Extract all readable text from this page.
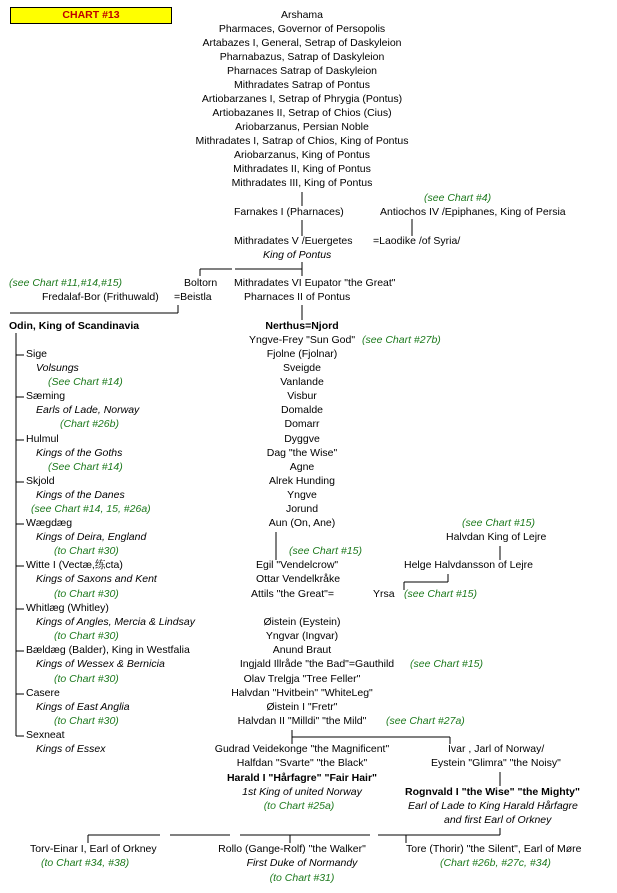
CHART #13	Arshama
Pharmaces, Governor of Persopolis
Artabazes I, General, Setrap of Daskyleion
Pharnabazus, Satrap of Daskyleion
Pharnaces Satrap of Daskyleion
Mithradates Satrap of Pontus
Artiobarzanes I, Setrap of Phrygia (Pontus)
Artiobazanes II, Setrap of Chios (Cius)
Ariobarzanus, Persian Noble
Mithradates I, Satrap of Chios, King of Pontus
Ariobarzanus, King of Pontus
Mithradates II, King of Pontus
Mithradates III, King of Pontus
(see Chart #4)
Farnakes I (Pharnaces)	Antiochos IV /Epiphanes, King of Persia
Mithradates V /Euergetes =Laodike /of Syria/
King of Pontus
(see Chart #11,#14,#15)	Boltorn Mithradates VI Eupator "the Great"
Fredalaf-Bor (Frithuwald) =Beistla	Pharnaces II of Pontus
Odin, King of Scandinavia	Nerthus=Njord
Yngve-Frey "Sun God" (see Chart #27b)
Sige
Volsungs
(See Chart #14)
Sæming
Earls of Lade, Norway
(Chart #26b)
Hulmul
Kings of the Goths
(See Chart #14)
Skjold
Kings of the Danes
(see Chart #14, 15, #26a)
Wægdæg
Kings of Deira, England
(to Chart #30)
Witte I (Vectæ,练cta)
Kings of Saxons and Kent
(to Chart #30)
Whitlæg (Whitley)
Kings of Angles, Mercia & Lindsay
(to Chart #30)
Bældæg (Balder), King in Westfalia
Kings of Wessex & Bernicia
(to Chart #30)
Casere
Kings of East Anglia
(to Chart #30)
Sexneat
Kings of Essex
Fjolne (Fjolnar)
Sveigde
Vanlande
Visbur
Domalde
Domarr
Dyggve
Dag "the Wise"
Agne
Alrek Hunding
Yngve
Jorund
Aun (On, Ane)	(see Chart #15)
Halvdan King of Lejre
(see Chart #15)
Egil "Vendelcrow"	Helge Halvdansson of Lejre
Ottar Vendelkråke
Attils "the Great"=	Yrsa (see Chart #15)
Øistein (Eystein)
Yngvar (Ingvar)
Anund Braut
Ingjald Illråde "the Bad"=Gauthild (see Chart #15)
Olav Trelgja "Tree Feller"
Halvdan "Hvitbein" "WhiteLeg"
Øistein I "Fretr"
Halvdan II "Milldi" "the Mild" (see Chart #27a)
Gudrad Veidekonge "the Magnificent"	Ivar , Jarl of Norway/
Halfdan "Svarte" "the Black"	Eystein "Glimra" "the Noisy"
Harald I "Hårfagre" "Fair Hair"
Rognvald I "the Wise" "the Mighty"
1st King of united Norway
Earl of Lade to King Harald Hårfagre
(to Chart #25a)
and first Earl of Orkney
Torv-Einar I, Earl of Orkney	Rollo (Gange-Rolf) "the Walker"	Tore (Thorir) "the Silent", Earl of Møre
(to Chart #34, #38)	First Duke of Normandy	(Chart #26b, #27c, #34)
(to Chart #31)
